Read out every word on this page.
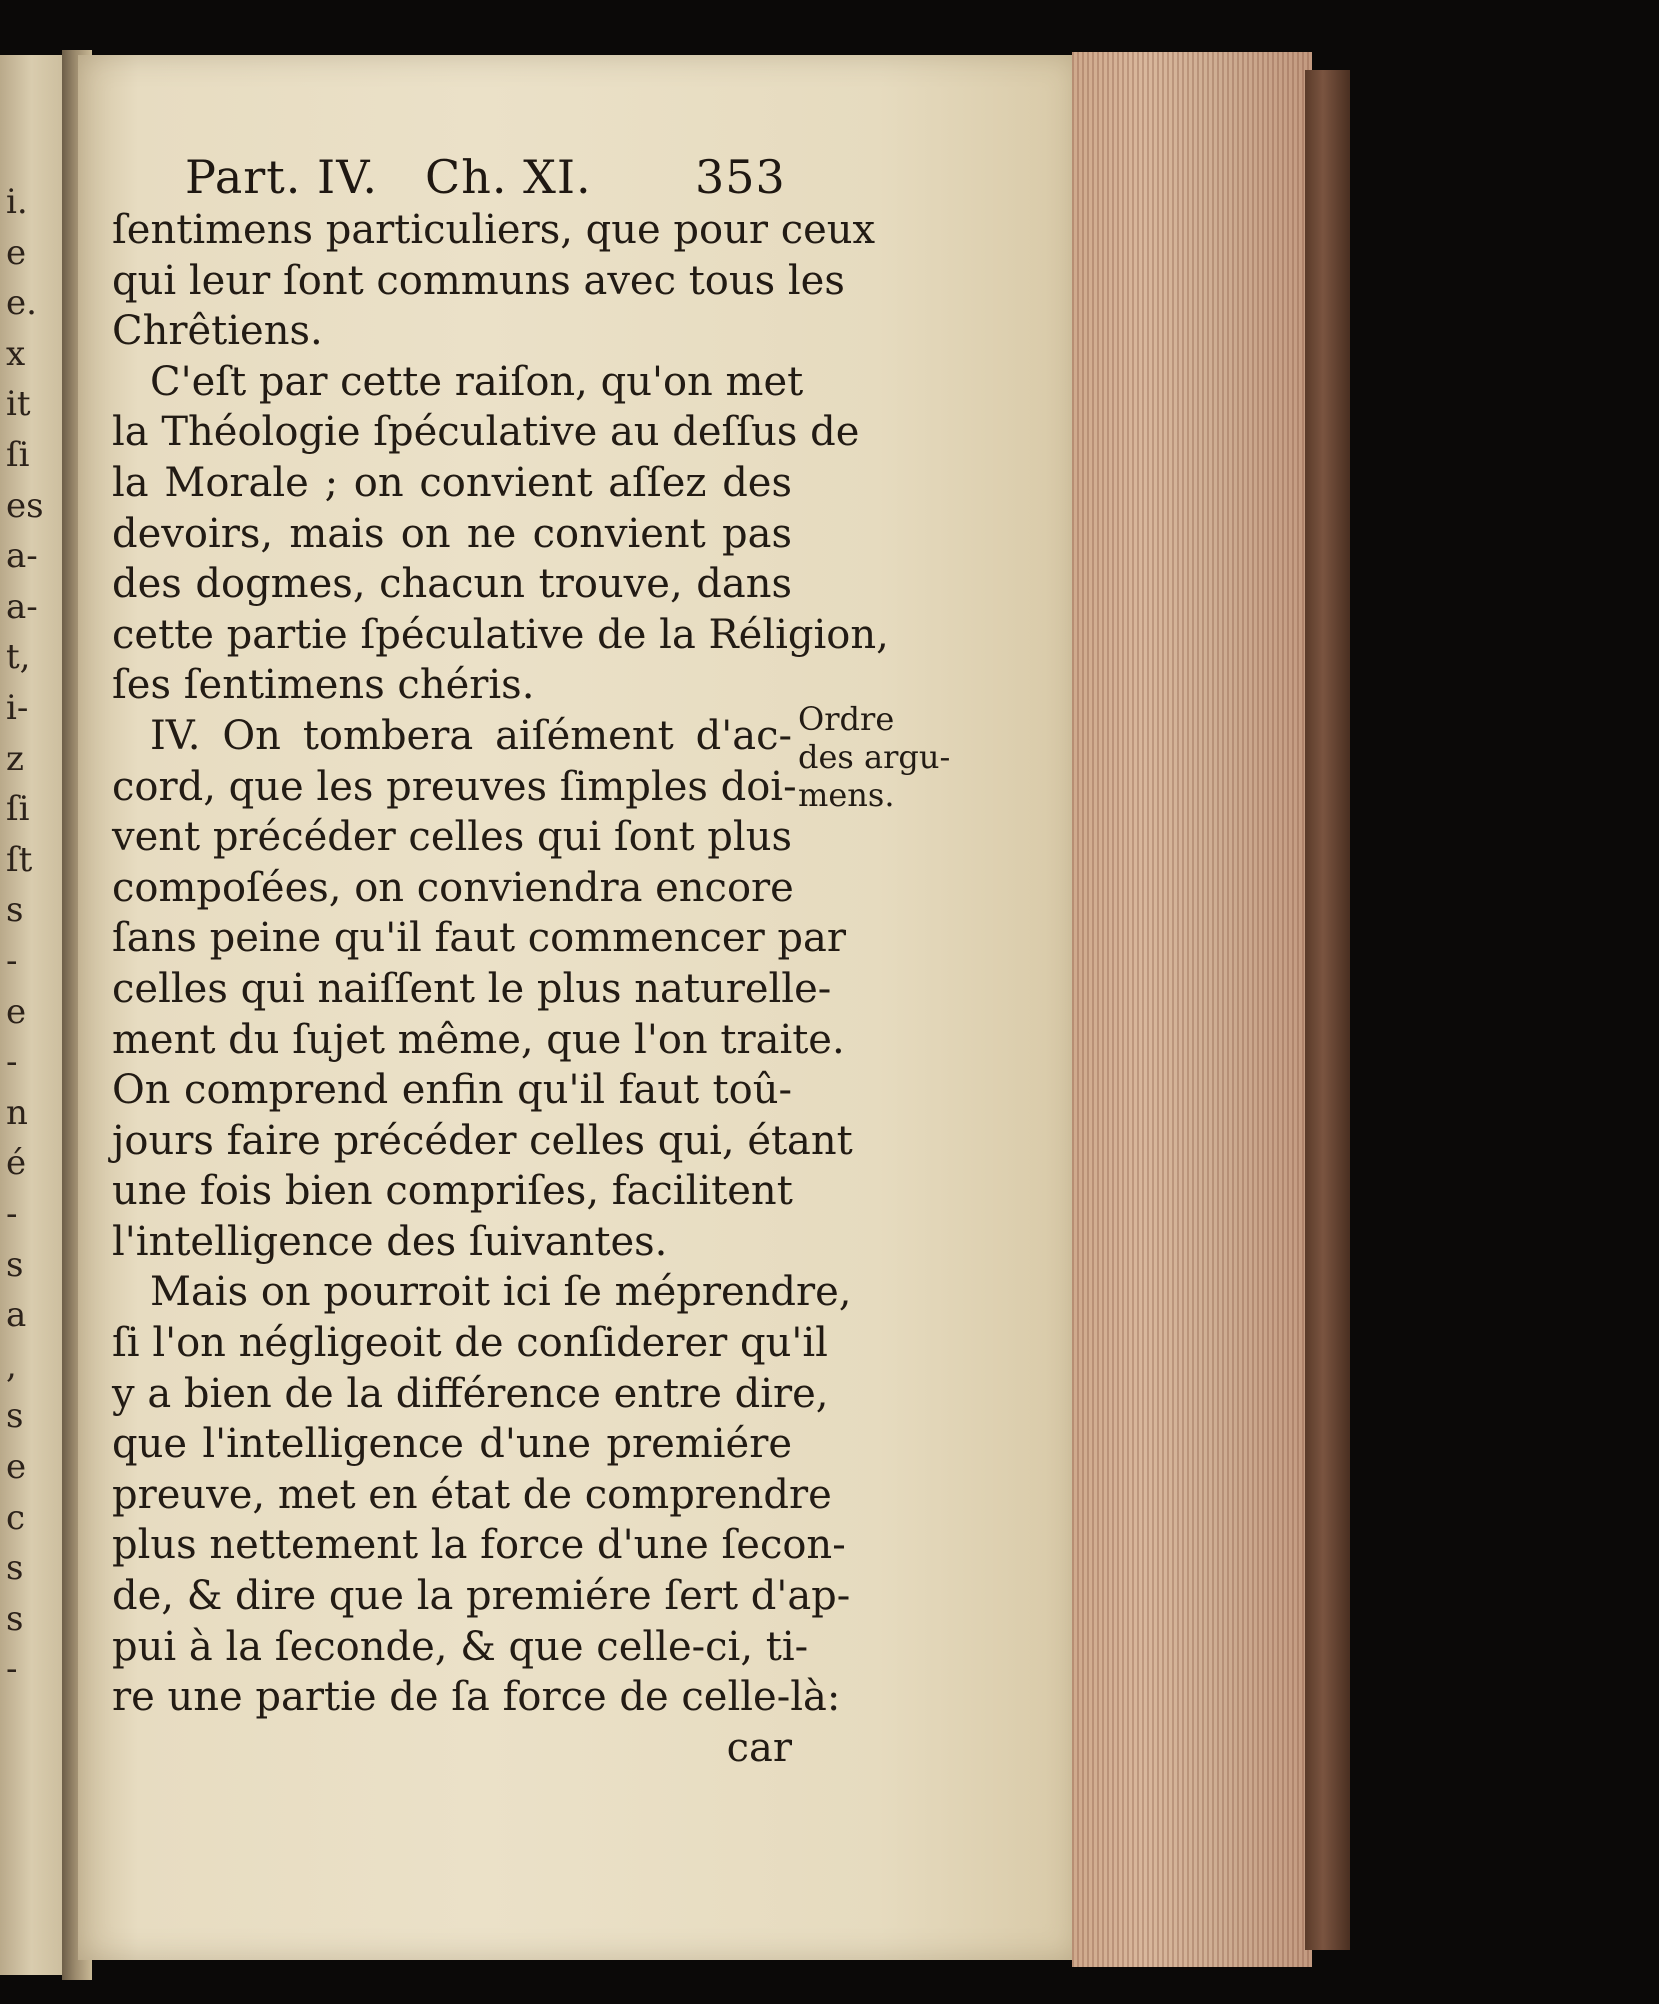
i.
e
e.
x
it
ſi
es
a-
a-
t,
i-
z
ſi
ſt
s
-
e
-
n
é
-
s
a
,
s
e
c
s
s
-
Part. IV. Ch. XI. 353
ſentimens particuliers, que pour ceux
qui leur ſont communs avec tous les
Chrêtiens.
C'eſt par cette raiſon, qu'on met
la Théologie ſpéculative au deſſus de
la Morale ; on convient aſſez des
devoirs, mais on ne convient pas
des dogmes, chacun trouve, dans
cette partie ſpéculative de la Réligion,
ſes ſentimens chéris.
IV. On tombera aiſément d'ac-
cord, que les preuves ſimples doi-
vent précéder celles qui ſont plus
compoſées, on conviendra encore
ſans peine qu'il faut commencer par
celles qui naiſſent le plus naturelle-
ment du ſujet même, que l'on traite.
On comprend enfin qu'il faut toû-
jours faire précéder celles qui, étant
une fois bien compriſes, facilitent
l'intelligence des ſuivantes.
Mais on pourroit ici ſe méprendre,
ſi l'on négligeoit de conſiderer qu'il
y a bien de la différence entre dire,
que l'intelligence d'une premiére
preuve, met en état de comprendre
plus nettement la force d'une ſecon-
de, & dire que la premiére ſert d'ap-
pui à la ſeconde, & que celle-ci, ti-
re une partie de ſa force de celle-là:
car
Ordre
des argu-
mens.
